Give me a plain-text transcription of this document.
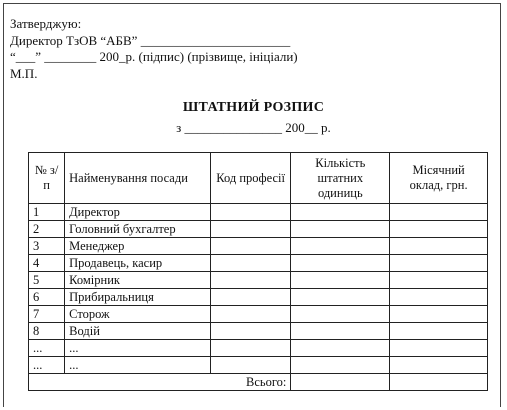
Затверджую:
Директор ТзОВ “АБВ” _______________________
“___” ________ 200_р. (підпис) (прізвище, ініціали)
М.П.
ШТАТНИЙ РОЗПИС
з _______________ 200__ р.
№ з/п	Найменування посади	Код професії	Кількість штатних одиниць	Місячний оклад, грн.
1	Директор			
2	Головний бухгалтер			
3	Менеджер			
4	Продавець, касир			
5	Комірник			
6	Прибиральниця			
7	Сторож			
8	Водій			
...	...			
...	...			
Всього:				
